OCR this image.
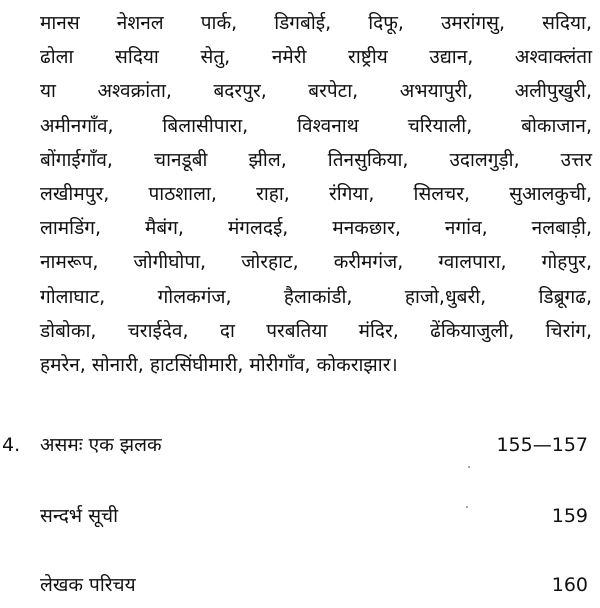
मानस नेशनल पार्क, डिगबोई, दिफू, उमरांगसु, सदिया,
ढोला सदिया सेतु, नमेरी राष्ट्रीय उद्यान, अश्वाक्लंता
या अश्वक्रांता, बदरपुर, बरपेटा, अभयापुरी, अलीपुखुरी,
अमीनगाँव, बिलासीपारा, विश्वनाथ चरियाली, बोकाजान,
बोंगाईगाँव, चानडूबी झील, तिनसुकिया, उदालगुड़ी, उत्तर
लखीमपुर, पाठशाला, राहा, रंगिया, सिलचर, सुआलकुची,
लामडिंग, मैबंग, मंगलदई, मनकछार, नगांव, नलबाड़ी,
नामरूप, जोगीघोपा, जोरहाट, करीमगंज, ग्वालपारा, गोहपुर,
गोलाघाट, गोलकगंज, हैलाकांडी, हाजो,धुबरी, डिब्रूगढ,
डोबोका, चराईदेव, दा परबतिया मंदिर, ढेंकियाजुली, चिरांग,
हमरेन, सोनारी, हाटसिंघीमारी, मोरीगाँव, कोकराझार।
4. असमः एक झलक	155—157
सन्दर्भ सूची	159
लेखक परिचय	160
